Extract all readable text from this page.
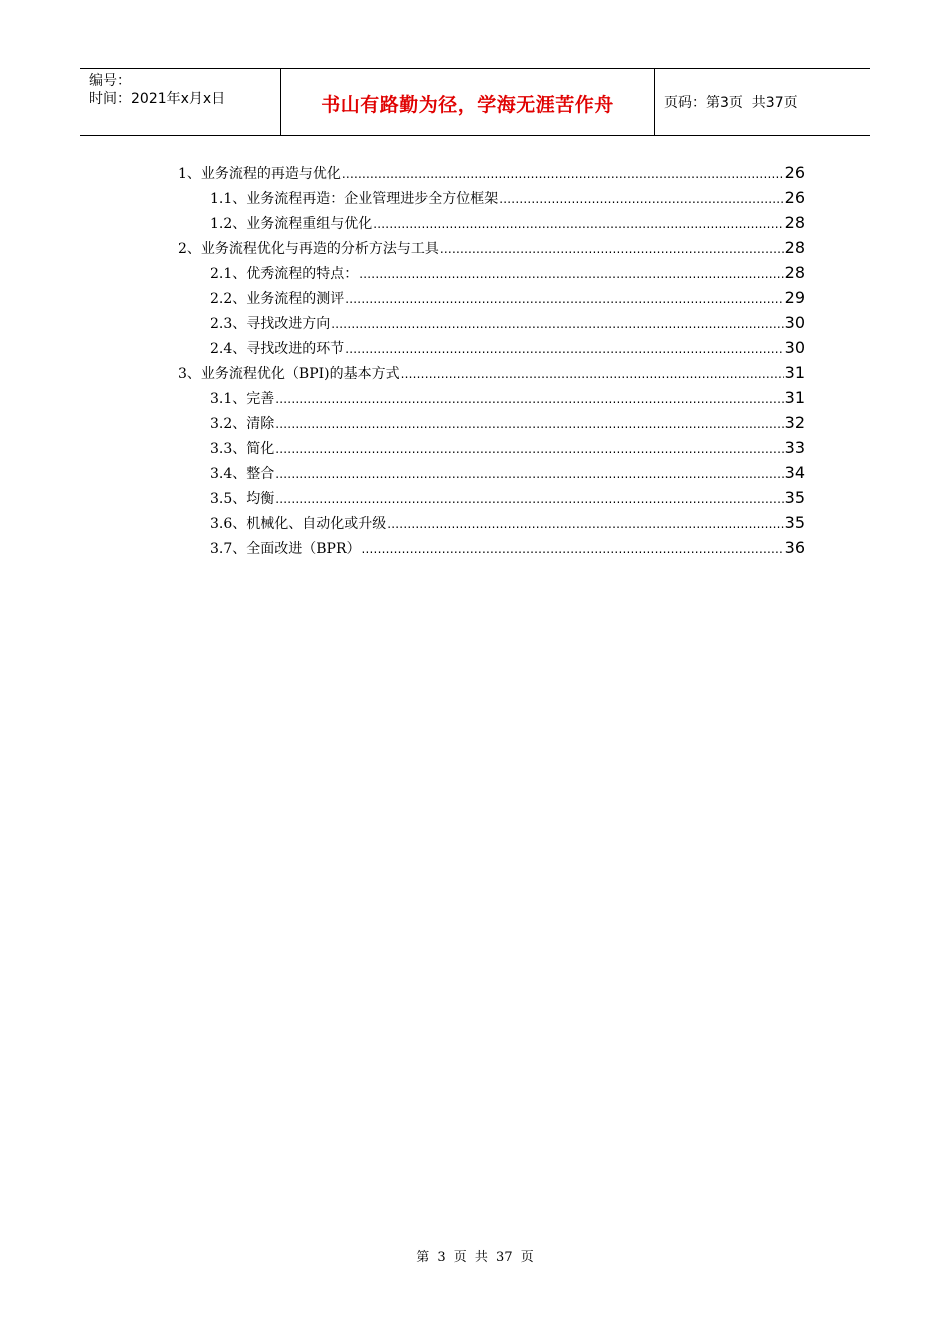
编号：
时间：2021年x月x日	书山有路勤为径，学海无涯苦作舟	页码：第3页  共37页
1、业务流程的再造与优化 .....	26
1.1、业务流程再造：企业管理进步全方位框架 .....	26
1.2、业务流程重组与优化 .....	28
2、业务流程优化与再造的分析方法与工具 .....	28
2.1、优秀流程的特点： .....	28
2.2、业务流程的测评 .....	29
2.3、寻找改进方向 .....	30
2.4、寻找改进的环节 .....	30
3、业务流程优化（BPI)的基本方式 .....	31
3.1、完善 .....	31
3.2、清除 .....	32
3.3、简化 .....	33
3.4、整合 .....	34
3.5、均衡 .....	35
3.6、机械化、自动化或升级 .....	35
3.7、全面改进（BPR） .....	36
第 3 页 共 37 页
